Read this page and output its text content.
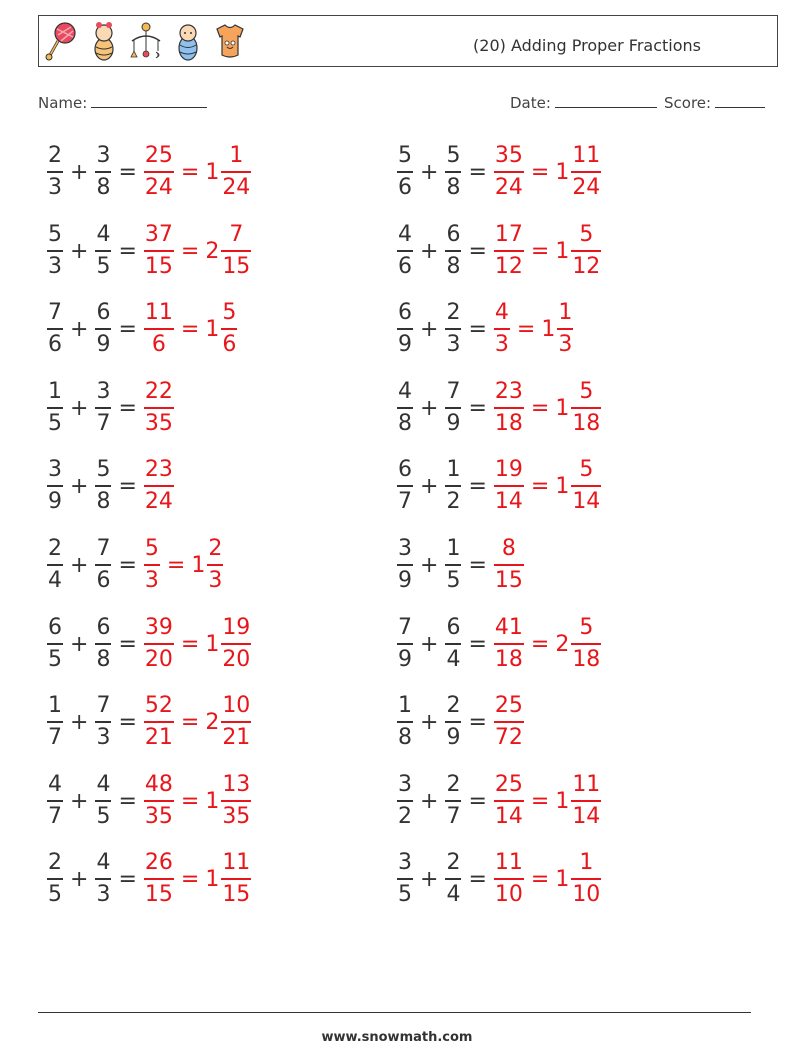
(20) Adding Proper Fractions
Name:	Date:	Score:
$\frac{2}{3} + \frac{3}{8} = \frac{25}{24} = 1 \frac{1}{24}$
$\frac{5}{3} + \frac{4}{5} = \frac{37}{15} = 2 \frac{7}{15}$
$\frac{7}{6} + \frac{6}{9} = \frac{11}{6} = 1 \frac{5}{6}$
$\frac{1}{5} + \frac{3}{7} = \frac{22}{35}$
$\frac{3}{9} + \frac{5}{8} = \frac{23}{24}$
$\frac{2}{4} + \frac{7}{6} = \frac{5}{3} = 1 \frac{2}{3}$
$\frac{6}{5} + \frac{6}{8} = \frac{39}{20} = 1 \frac{19}{20}$
$\frac{1}{7} + \frac{7}{3} = \frac{52}{21} = 2 \frac{10}{21}$
$\frac{4}{7} + \frac{4}{5} = \frac{48}{35} = 1 \frac{13}{35}$
$\frac{2}{5} + \frac{4}{3} = \frac{26}{15} = 1 \frac{11}{15}$
$\frac{5}{6} + \frac{5}{8} = \frac{35}{24} = 1 \frac{11}{24}$
$\frac{4}{6} + \frac{6}{8} = \frac{17}{12} = 1 \frac{5}{12}$
$\frac{6}{9} + \frac{2}{3} = \frac{4}{3} = 1 \frac{1}{3}$
$\frac{4}{8} + \frac{7}{9} = \frac{23}{18} = 1 \frac{5}{18}$
$\frac{6}{7} + \frac{1}{2} = \frac{19}{14} = 1 \frac{5}{14}$
$\frac{3}{9} + \frac{1}{5} = \frac{8}{15}$
$\frac{7}{9} + \frac{6}{4} = \frac{41}{18} = 2 \frac{5}{18}$
$\frac{1}{8} + \frac{2}{9} = \frac{25}{72}$
$\frac{3}{2} + \frac{2}{7} = \frac{25}{14} = 1 \frac{11}{14}$
$\frac{3}{5} + \frac{2}{4} = \frac{11}{10} = 1 \frac{1}{10}$
www.snowmath.com
